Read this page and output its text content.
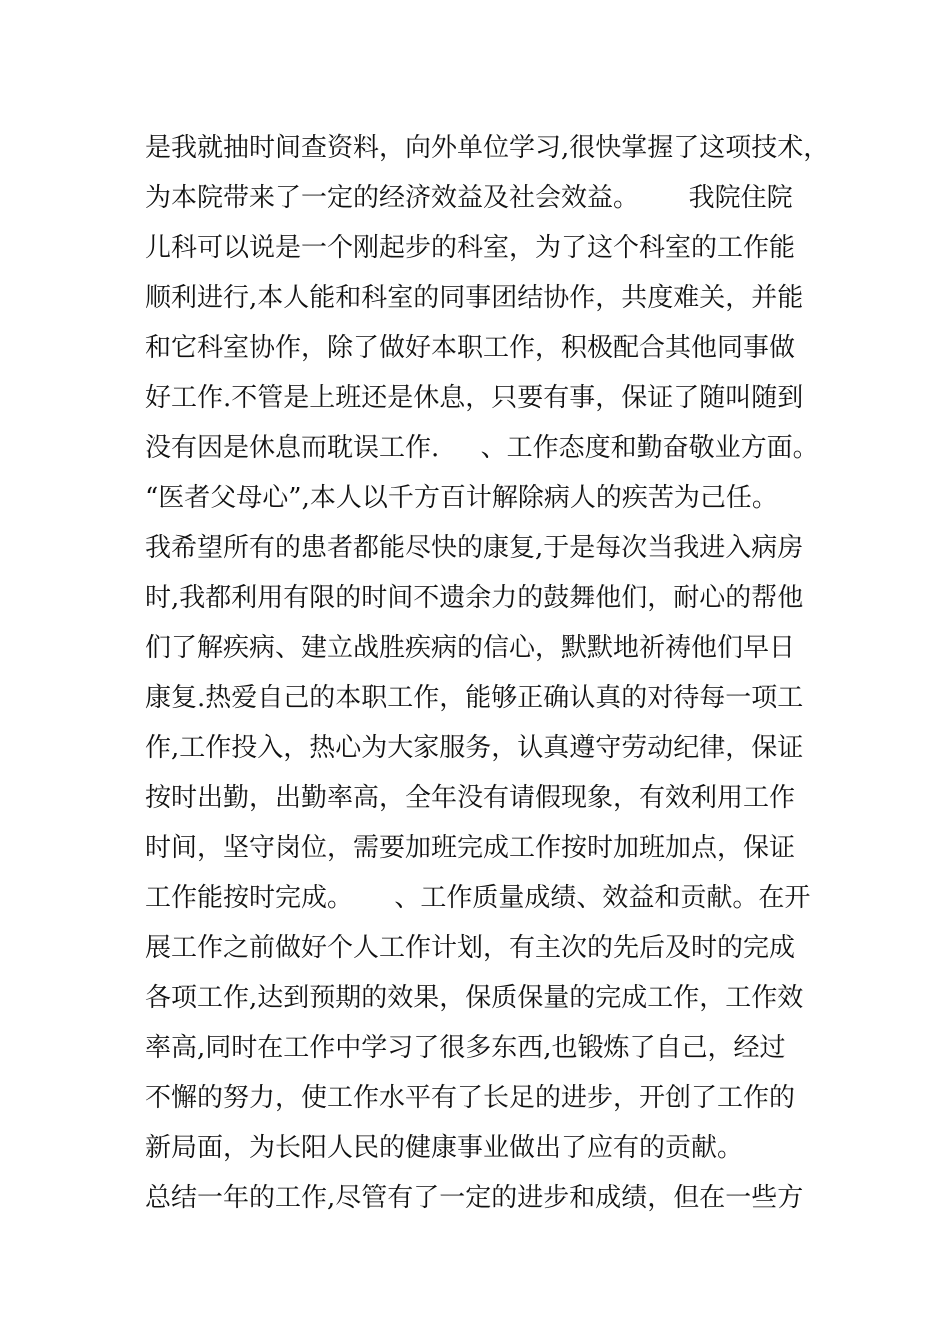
是我就抽时间查资料，向外单位学习,很快掌握了这项技术，
为本院带来了一定的经济效益及社会效益。      我院住院
儿科可以说是一个刚起步的科室，为了这个科室的工作能
顺利进行,本人能和科室的同事团结协作，共度难关，并能
和它科室协作，除了做好本职工作，积极配合其他同事做
好工作.不管是上班还是休息，只要有事，保证了随叫随到
没有因是休息而耽误工作.     、工作态度和勤奋敬业方面。
“医者父母心”,本人以千方百计解除病人的疾苦为己任。
我希望所有的患者都能尽快的康复,于是每次当我进入病房
时,我都利用有限的时间不遗余力的鼓舞他们，耐心的帮他
们了解疾病、建立战胜疾病的信心，默默地祈祷他们早日
康复.热爱自己的本职工作，能够正确认真的对待每一项工
作,工作投入，热心为大家服务，认真遵守劳动纪律，保证
按时出勤，出勤率高，全年没有请假现象，有效利用工作
时间，坚守岗位，需要加班完成工作按时加班加点，保证
工作能按时完成。     、工作质量成绩、效益和贡献。在开
展工作之前做好个人工作计划，有主次的先后及时的完成
各项工作,达到预期的效果，保质保量的完成工作，工作效
率高,同时在工作中学习了很多东西,也锻炼了自己，经过
不懈的努力，使工作水平有了长足的进步，开创了工作的
新局面，为长阳人民的健康事业做出了应有的贡献。
总结一年的工作,尽管有了一定的进步和成绩，但在一些方
